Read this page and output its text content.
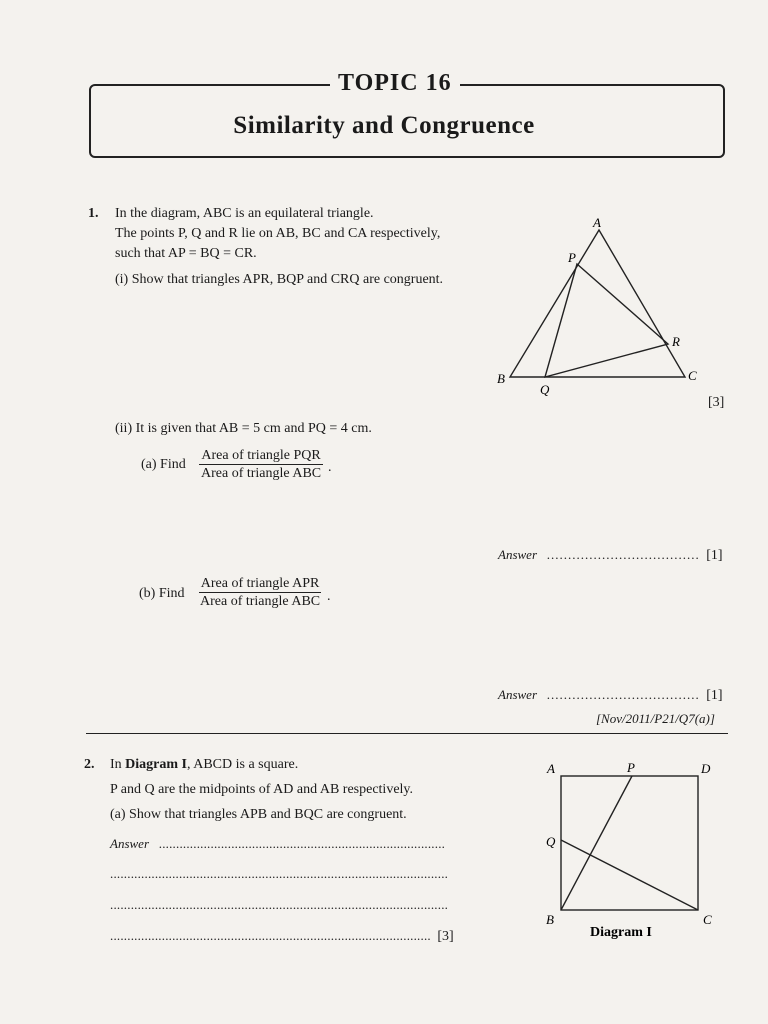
TOPIC 16
Similarity and Congruence
1. In the diagram, ABC is an equilateral triangle.
The points P, Q and R lie on AB, BC and CA respectively,
such that AP = BQ = CR.
(i) Show that triangles APR, BQP and CRQ are congruent.
[3]
A
P
R
B	C
Q
(ii) It is given that AB = 5 cm and PQ = 4 cm.
(a) Find
Area of triangle PQR
Area of triangle ABC .
Answer .................................... [1]
(b) Find
Area of triangle APR
Area of triangle ABC .
Answer .................................... [1]
[Nov/2011/P21/Q7(a)]
2. In Diagram I, ABCD is a square.
P and Q are the midpoints of AD and AB respectively.
(a) Show that triangles APB and BQC are congruent.
Answer ...................................................................................
..................................................................................................
..................................................................................................
............................................................................................. [3]
A	P	D
Q
B	C
Diagram I
